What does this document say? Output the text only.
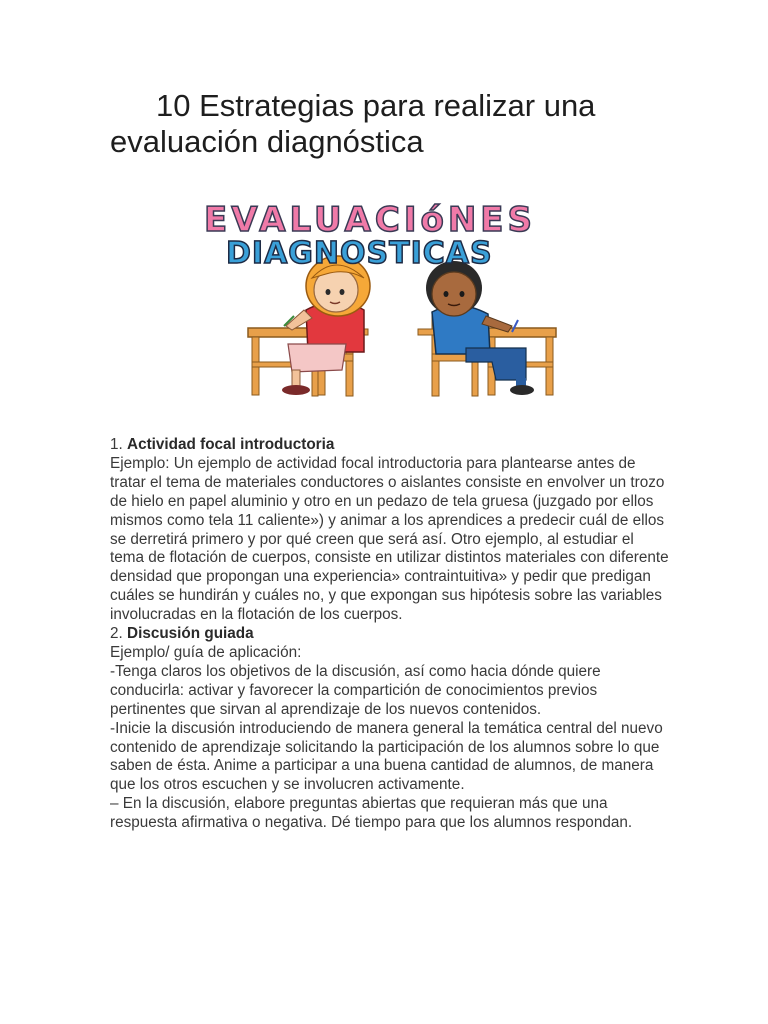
10 Estrategias para realizar una evaluación diagnóstica
EVALUACIóNES
DIAGNOSTICAS

1. Actividad focal introductoria

Ejemplo: Un ejemplo de actividad focal introductoria para plantearse antes de tratar el tema de materiales conductores o aislantes consiste en envolver un trozo de hielo en papel aluminio y otro en un pedazo de tela gruesa (juzgado por ellos mismos como tela 11 caliente») y animar a los aprendices a predecir cuál de ellos se derretirá primero y por qué creen que será así. Otro ejemplo, al estudiar el tema de flotación de cuerpos, consiste en utilizar distintos materiales con diferente densidad que propongan una experiencia» contraintuitiva» y pedir que predigan cuáles se hundirán y cuáles no, y que expongan sus hipótesis sobre las variables involucradas en la flotación de los cuerpos.

2. Discusión guiada

Ejemplo/ guía de aplicación:

-Tenga claros los objetivos de la discusión, así como hacia dónde quiere conducirla: activar y favorecer la compartición de conocimientos previos pertinentes que sirvan al aprendizaje de los nuevos contenidos.

-Inicie la discusión introduciendo de manera general la temática central del nuevo contenido de aprendizaje solicitando la participación de los alumnos sobre lo que saben de ésta. Anime a participar a una buena cantidad de alumnos, de manera que los otros escuchen y se involucren activamente.

– En la discusión, elabore preguntas abiertas que requieran más que una respuesta afirmativa o negativa. Dé tiempo para que los alumnos respondan.
